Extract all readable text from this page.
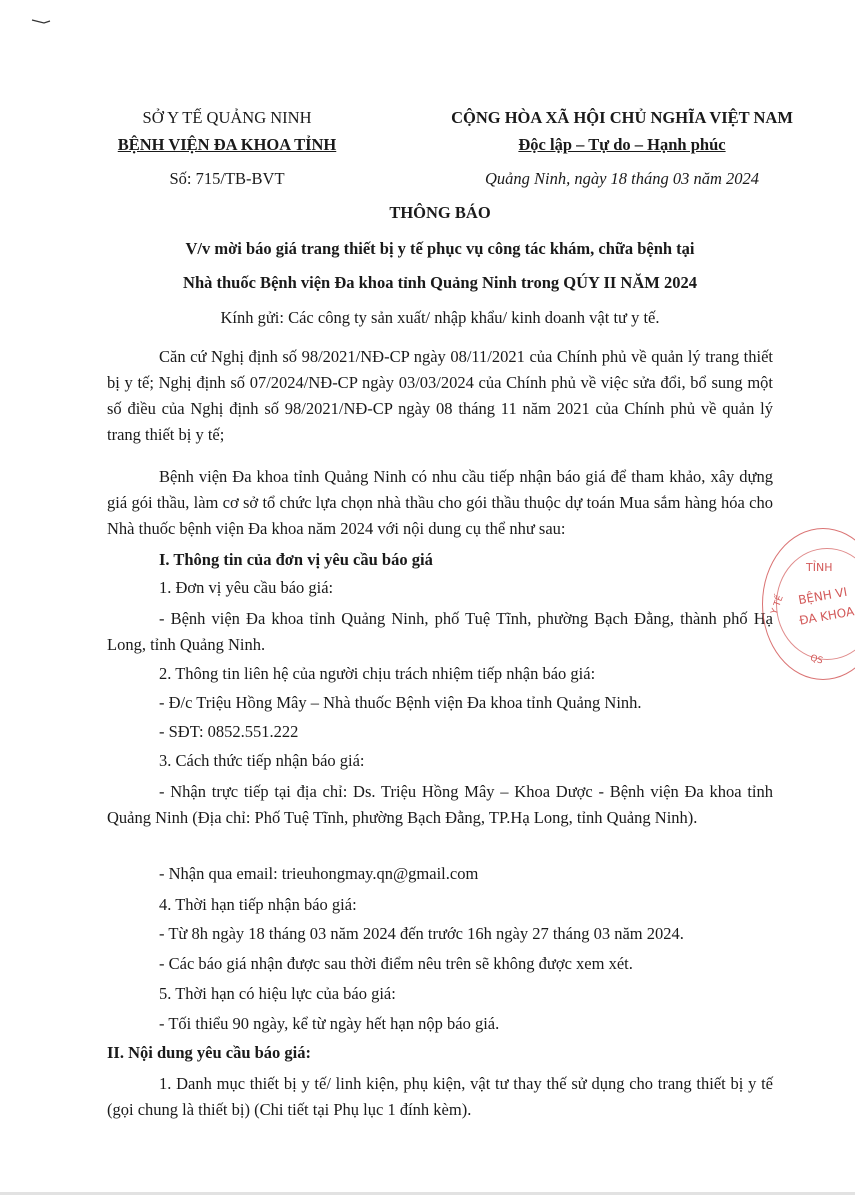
SỞ Y TẾ QUẢNG NINH
BỆNH VIỆN ĐA KHOA TỈNH
Số: 715/TB-BVT
CỘNG HÒA XÃ HỘI CHỦ NGHĨA VIỆT NAM
Độc lập – Tự do – Hạnh phúc
Quảng Ninh, ngày 18 tháng 03 năm 2024
THÔNG BÁO
V/v mời báo giá trang thiết bị y tế phục vụ công tác khám, chữa bệnh tại
Nhà thuốc Bệnh viện Đa khoa tỉnh Quảng Ninh trong QÚY II NĂM 2024
Kính gửi: Các công ty sản xuất/ nhập khẩu/ kinh doanh vật tư y tế.
Căn cứ Nghị định số 98/2021/NĐ-CP ngày 08/11/2021 của Chính phủ về quản lý trang thiết bị y tế; Nghị định số 07/2024/NĐ-CP ngày 03/03/2024 của Chính phủ về việc sửa đổi, bổ sung một số điều của Nghị định số 98/2021/NĐ-CP ngày 08 tháng 11 năm 2021 của Chính phủ về quản lý trang thiết bị y tế;
Bệnh viện Đa khoa tỉnh Quảng Ninh có nhu cầu tiếp nhận báo giá để tham khảo, xây dựng giá gói thầu, làm cơ sở tổ chức lựa chọn nhà thầu cho gói thầu thuộc dự toán Mua sắm hàng hóa cho Nhà thuốc bệnh viện Đa khoa năm 2024 với nội dung cụ thể như sau:
I. Thông tin của đơn vị yêu cầu báo giá
1. Đơn vị yêu cầu báo giá:
- Bệnh viện Đa khoa tỉnh Quảng Ninh, phố Tuệ Tĩnh, phường Bạch Đằng, thành phố Hạ Long, tỉnh Quảng Ninh.
2. Thông tin liên hệ của người chịu trách nhiệm tiếp nhận báo giá:
- Đ/c Triệu Hồng Mây – Nhà thuốc Bệnh viện Đa khoa tỉnh Quảng Ninh.
- SĐT: 0852.551.222
3. Cách thức tiếp nhận báo giá:
- Nhận trực tiếp tại địa chỉ: Ds. Triệu Hồng Mây – Khoa Dược - Bệnh viện Đa khoa tỉnh Quảng Ninh (Địa chỉ: Phố Tuệ Tĩnh, phường Bạch Đằng, TP.Hạ Long, tỉnh Quảng Ninh).
- Nhận qua email: trieuhongmay.qn@gmail.com
4. Thời hạn tiếp nhận báo giá:
- Từ 8h ngày 18 tháng 03 năm 2024 đến trước 16h ngày 27 tháng 03 năm 2024.
- Các báo giá nhận được sau thời điểm nêu trên sẽ không được xem xét.
5. Thời hạn có hiệu lực của báo giá:
- Tối thiểu 90 ngày, kể từ ngày hết hạn nộp báo giá.
II. Nội dung yêu cầu báo giá:
1. Danh mục thiết bị y tế/ linh kiện, phụ kiện, vật tư thay thế sử dụng cho trang thiết bị y tế (gọi chung là thiết bị) (Chi tiết tại Phụ lục 1 đính kèm).
TỈNH
BỆNH VI
ĐA KHOA
Y TẾ
QS
